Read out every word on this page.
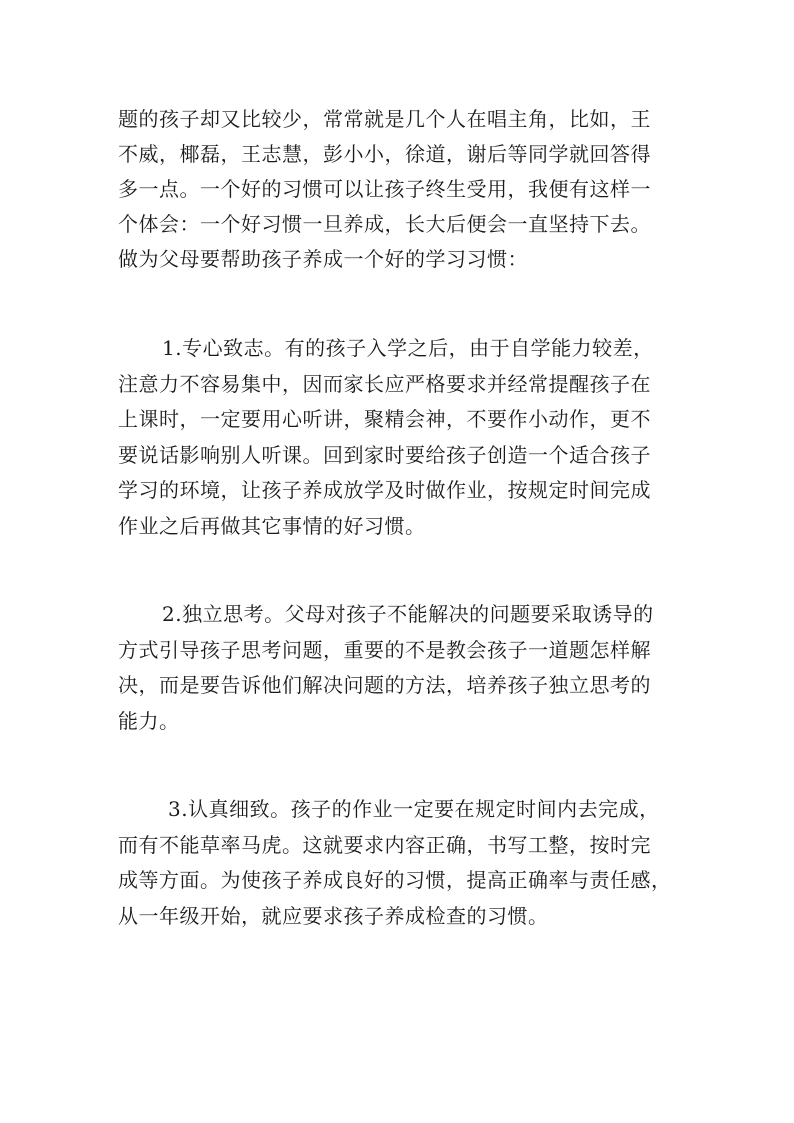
题的孩子却又比较少，常常就是几个人在唱主角，比如，王
不威，椰磊，王志慧，彭小小，徐道，谢后等同学就回答得
多一点。一个好的习惯可以让孩子终生受用，我便有这样一
个体会：一个好习惯一旦养成，长大后便会一直坚持下去。
做为父母要帮助孩子养成一个好的学习习惯：
1.专心致志。有的孩子入学之后，由于自学能力较差，
注意力不容易集中，因而家长应严格要求并经常提醒孩子在
上课时，一定要用心听讲，聚精会神，不要作小动作，更不
要说话影响别人听课。回到家时要给孩子创造一个适合孩子
学习的环境，让孩子养成放学及时做作业，按规定时间完成
作业之后再做其它事情的好习惯。
2.独立思考。父母对孩子不能解决的问题要采取诱导的
方式引导孩子思考问题，重要的不是教会孩子一道题怎样解
决，而是要告诉他们解决问题的方法，培养孩子独立思考的
能力。
3.认真细致。孩子的作业一定要在规定时间内去完成，
而有不能草率马虎。这就要求内容正确，书写工整，按时完
成等方面。为使孩子养成良好的习惯，提高正确率与责任感，
从一年级开始，就应要求孩子养成检查的习惯。
